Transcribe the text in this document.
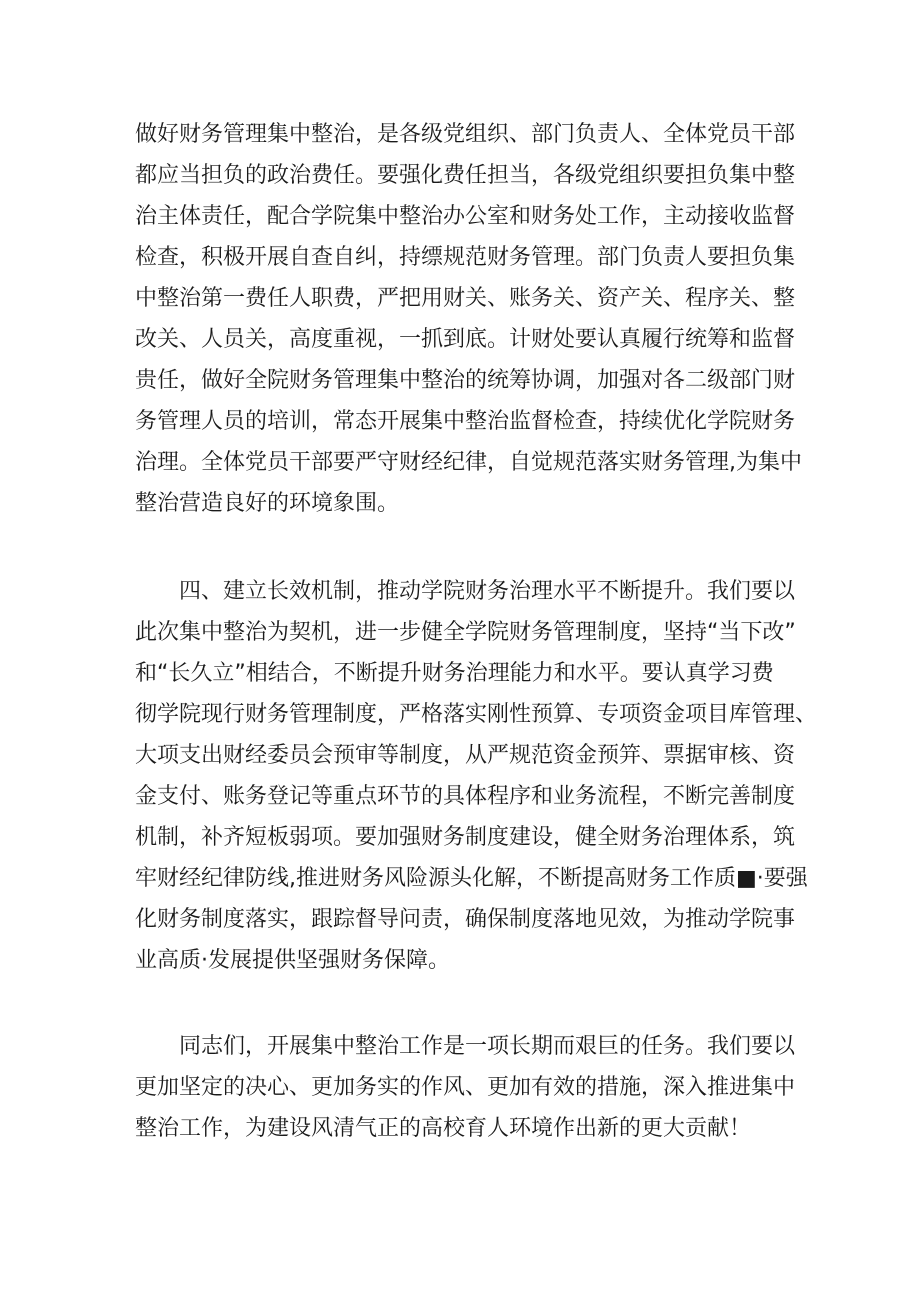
做好财务管理集中整治，是各级党组织、部门负责人、全体党员干部
都应当担负的政治费任。要强化费任担当，各级党组织要担负集中整
治主体责任，配合学院集中整治办公室和财务处工作，主动接收监督
检查，积极开展自查自纠，持缥规范财务管理。部门负责人要担负集
中整治第一费任人职费，严把用财关、账务关、资产关、程序关、整
改关、人员关，高度重视，一抓到底。计财处要认真履行统筹和监督
贵任，做好全院财务管理集中整治的统筹协调，加强对各二级部门财
务管理人员的培训，常态开展集中整治监督检查，持续优化学院财务
治理。全体党员干部要严守财经纪律，自觉规范落实财务管理,为集中
整治营造良好的环境象围。
　　四、建立长效机制，推动学院财务治理水平不断提升。我们要以
此次集中整治为契机，进一步健全学院财务管理制度，坚持“当下改”
和“长久立”相结合，不断提升财务治理能力和水平。要认真学习费
彻学院现行财务管理制度，严格落实刚性预算、专项资金项目库管理、
大项支出财经委员会预审等制度，从严规范资金预笄、票据审核、资
金支付、账务登记等重点环节的具体程序和业务流程，不断完善制度
机制，补齐短板弱项。要加强财务制度建设，健全财务治理体系，筑
牢财经纪律防线,推进财务风险源头化解，不断提高财务工作质■·要强
化财务制度落实，跟踪督导问责，确保制度落地见效，为推动学院事
业高质·发展提供坚强财务保障。
　　同志们，开展集中整治工作是一项长期而艰巨的任务。我们要以
更加坚定的决心、更加务实的作风、更加有效的措施，深入推进集中
整治工作，为建设风清气正的高校育人环境作出新的更大贡献！
